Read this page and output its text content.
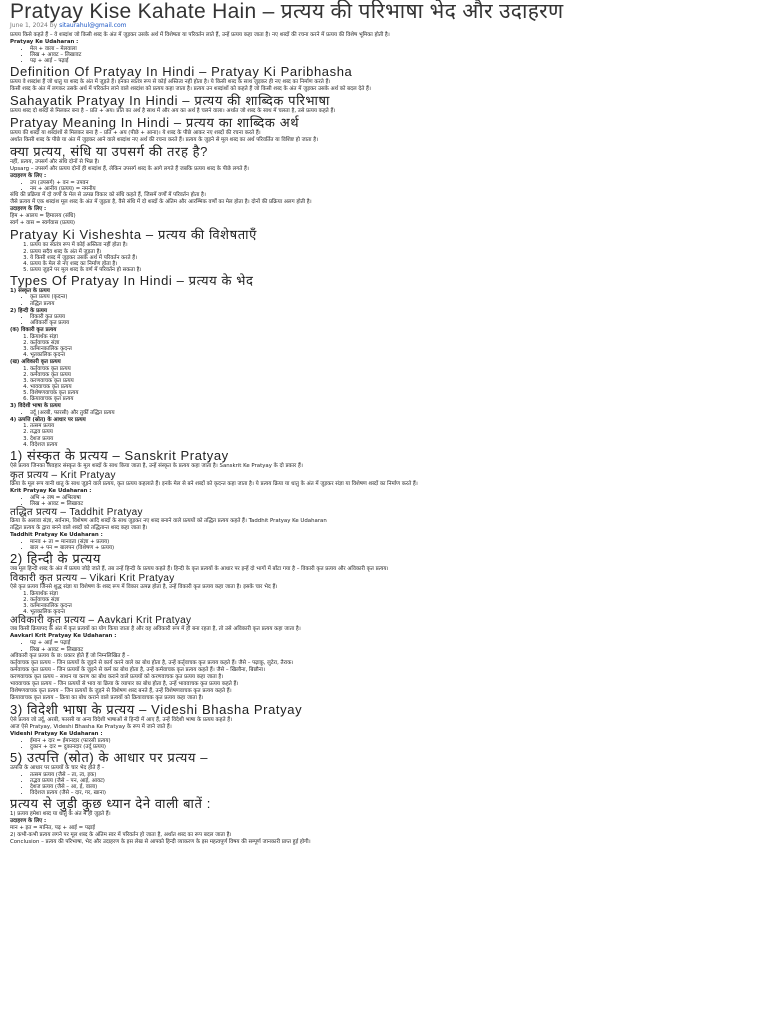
Pratyay Kise Kahate Hain – प्रत्यय की परिभाषा भेद और उदाहरण
June 1, 2024 by sitaurahul@gmail.com

प्रत्यय किसे कहते हैं – वे शब्दांश जो किसी शब्द के अंत में जुड़कर उसके अर्थ में विशेषता या परिवर्तन लाते हैं, उन्हें प्रत्यय कहा जाता है। नए शब्दों की रचना करने में प्रत्यय की विशेष भूमिका होती है।

Pratyay Ke Udaharan :

• मेल + वाला – मेलवाला
• लिख + आवट – लिखावट
• पढ़ + आई – पढ़ाई
Definition Of Pratyay In Hindi – Pratyay Ki Paribhasha

प्रत्यय वे शब्दांश हैं जो धातु या शब्द के अंत में जुड़ते हैं। इनका स्वतंत्र रूप से कोई अस्तित्व नहीं होता है। ये किसी शब्द के साथ जुड़कर ही नए शब्द का निर्माण करते हैं।

किसी शब्द के अंत में लगकर उसके अर्थ में परिवर्तन लाने वाले शब्दांश को प्रत्यय कहा जाता है। प्रत्यय उन शब्दांशों को कहते हैं जो किसी शब्द के अंत में जुड़कर उसके अर्थ को बदल देते हैं।

Sahayatik Pratyay In Hindi – प्रत्यय की शाब्दिक परिभाषा

प्रत्यय शब्द दो शब्दों से मिलकर बना है – प्रति + अय। प्रति का अर्थ है साथ में और अय का अर्थ है चलने वाला। अर्थात जो शब्द के साथ में चलता है, उसे प्रत्यय कहते हैं।

Pratyay Meaning In Hindi – प्रत्यय का शाब्दिक अर्थ

प्रत्यय की शब्दों या शब्दांशों से मिलकर बना है – प्रति + अय (पीछे + आना)। ये शब्द के पीछे आकर नए शब्दों की रचना करते हैं।

अर्थात किसी शब्द के पीछे या अंत में जुड़कर आने वाले शब्दांश नए अर्थ की रचना करते हैं। प्रत्यय के जुड़ने से मूल शब्द का अर्थ परिवर्तित या विशिष्ट हो जाता है।

क्या प्रत्यय, संधि या उपसर्ग की तरह है?

नहीं, प्रत्यय, उपसर्ग और संधि दोनों से भिन्न है।

Upsarg – उपसर्ग और प्रत्यय दोनों ही शब्दांश हैं, लेकिन उपसर्ग शब्द के आगे लगते हैं जबकि प्रत्यय शब्द के पीछे लगते हैं।

उदाहरण के लिए :

• उप (उपसर्ग) + वन = उपवन
• नम + आनीय (प्रत्यय) = नमनीय

संधि की प्रक्रिया में दो वर्णों के मेल से उत्पन्न विकार को संधि कहते हैं, जिसमें वर्णों में परिवर्तन होता है।

जैसे प्रत्यय में एक शब्दांश मूल शब्द के अंत में जुड़ता है, वैसे संधि में दो शब्दों के अंतिम और आरम्भिक वर्णों का मेल होता है। दोनों की प्रक्रिया अलग होती है।

उदाहरण के लिए :

हिम + आलय = हिमालय (संधि)

स्वर्ग + वास = स्वर्गवास (प्रत्यय)

Pratyay Ki Visheshta – प्रत्यय की विशेषताएँ
1. प्रत्यय का स्वतंत्र रूप में कोई अस्तित्व नहीं होता है।
2. प्रत्यय सदैव शब्द के अंत में जुड़ता है।
3. ये किसी शब्द में जुड़कर उसके अर्थ में परिवर्तन करते हैं।
4. प्रत्यय के मेल से नए शब्द का निर्माण होता है।
5. प्रत्यय जुड़ने पर मूल शब्द के वर्ण में परिवर्तन हो सकता है।
Types Of Pratyay In Hindi – प्रत्यय के भेद

1) संस्कृत के प्रत्यय

• कृत प्रत्यय (कृदन्त)
• तद्धित प्रत्यय

2) हिन्दी के प्रत्यय

• विकारी कृत प्रत्यय
• अविकारी कृत प्रत्यय

(क) विकारी कृत प्रत्यय

1. क्रियार्थक संज्ञा
2. कर्तृवाचक संज्ञा
3. वर्तमानकालिक कृदन्त
4. भूतकालिक कृदन्त

(ख) अविकारी कृत प्रत्यय

1. कर्तृवाचक कृत प्रत्यय
2. कर्मवाचक कृत प्रत्यय
3. करणवाचक कृत प्रत्यय
4. भाववाचक कृत प्रत्यय
5. विशेषणवाचक कृत प्रत्यय
6. क्रियावाचक कृत प्रत्यय

3) विदेशी भाषा के प्रत्यय

• उर्दू (अरबी, फारसी) और तुर्की तद्धित प्रत्यय

4) उत्पत्ति (स्रोत) के आधार पर प्रत्यय

1. तत्सम प्रत्यय
2. तद्भव प्रत्यय
3. देशज प्रत्यय
4. विदेशज प्रत्यय
1) संस्कृत के प्रत्यय – Sanskrit Pratyay

ऐसे प्रत्यय जिनका व्यवहार संस्कृत के मूल शब्दों के साथ किया जाता है, उन्हें संस्कृत के प्रत्यय कहा जाता है। Sanskrit Ke Pratyay के दो प्रकार हैं।

कृत प्रत्यय – Krit Pratyay

क्रिया के मूल रूप यानी धातु के साथ जुड़ने वाले प्रत्यय, कृत प्रत्यय कहलाते हैं। इनके मेल से बने शब्दों को कृदन्त कहा जाता है। ये प्रत्यय क्रिया या धातु के अंत में जुड़कर संज्ञा या विशेषण शब्दों का निर्माण करते हैं।

Krit Pratyay Ke Udaharan :

• अभि + लष = अभिलाषा
• लिख + आवट = लिखावट
तद्धित प्रत्यय – Taddhit Pratyay

क्रिया के अलावा संज्ञा, सर्वनाम, विशेषण आदि शब्दों के साथ जुड़कर नए शब्द बनाने वाले प्रत्ययों को तद्धित प्रत्यय कहते हैं। Taddhit Pratyay Ke Udaharan

तद्धित प्रत्यय के द्वारा बनने वाले शब्दों को तद्धितान्त शब्द कहा जाता है।

Taddhit Pratyay Ke Udaharan :

• मानव + ता = मानवता (संज्ञा + प्रत्यय)
• बाल + पन = बालपन (विशेषण + प्रत्यय)
2) हिन्दी के प्रत्यय

जब मूल हिन्दी शब्द के अंत में प्रत्यय जोड़े जाते हैं, तब उन्हें हिन्दी के प्रत्यय कहते हैं। हिन्दी के कृत प्रत्ययों के आधार पर इन्हें दो भागों में बाँटा गया है – विकारी कृत प्रत्यय और अविकारी कृत प्रत्यय।

विकारी कृत प्रत्यय – Vikari Krit Pratyay

ऐसे कृत प्रत्यय जिनसे शुद्ध संज्ञा या विशेषण के शब्द रूप में विकार उत्पन्न होता है, उन्हें विकारी कृत प्रत्यय कहा जाता है। इसके चार भेद हैं।

1. क्रियार्थक संज्ञा
2. कर्तृवाचक संज्ञा
3. वर्तमानकालिक कृदन्त
4. भूतकालिक कृदन्त
अविकारी कृत प्रत्यय – Aavkari Krit Pratyay

जब किसी क्रियापद के अंत में कृत प्रत्ययों का योग किया जाता है और वह अविकारी रूप में ही बना रहता है, तो उसे अविकारी कृत प्रत्यय कहा जाता है।

Aavkari Krit Pratyay Ke Udaharan :

• पढ़ + आई = पढ़ाई
• लिख + आवट = लिखावट

अविकारी कृत प्रत्यय के छ: प्रकार होते हैं जो निम्नलिखित हैं –

कर्तृवाचक कृत प्रत्यय – जिन प्रत्ययों के जुड़ने से कार्य करने वाले का बोध होता है, उन्हें कर्तृवाचक कृत प्रत्यय कहते हैं। जैसे – पढ़ाकू, लुटेरा, तैराक।

कर्मवाचक कृत प्रत्यय – जिन प्रत्ययों के जुड़ने से कर्म का बोध होता है, उन्हें कर्मवाचक कृत प्रत्यय कहते हैं। जैसे – खिलौना, बिछौना।

करणवाचक कृत प्रत्यय – साधन या करण का बोध कराने वाले प्रत्ययों को करणवाचक कृत प्रत्यय कहा जाता है।

भाववाचक कृत प्रत्यय – जिन प्रत्ययों से भाव या क्रिया के व्यापार का बोध होता है, उन्हें भाववाचक कृत प्रत्यय कहते हैं।

विशेषणवाचक कृत प्रत्यय – जिन प्रत्ययों के जुड़ने से विशेषण शब्द बनते हैं, उन्हें विशेषणवाचक कृत प्रत्यय कहते हैं।

क्रियावाचक कृत प्रत्यय – क्रिया का बोध कराने वाले प्रत्ययों को क्रियावाचक कृत प्रत्यय कहा जाता है।

3) विदेशी भाषा के प्रत्यय – Videshi Bhasha Pratyay

ऐसे प्रत्यय जो उर्दू, अरबी, फारसी या अन्य विदेशी भाषाओं से हिन्दी में आए हैं, उन्हें विदेशी भाषा के प्रत्यय कहते हैं।

आज ऐसे Pratyay, Videshi Bhasha Ke Pratyay के रूप में जाने जाते हैं।

Videshi Pratyay Ke Udaharan :

• ईमान + दार = ईमानदार (फारसी प्रत्यय)
• दुकान + दार = दुकानदार (उर्दू प्रत्यय)
5) उत्पत्ति (स्रोत) के आधार पर प्रत्यय –

उत्पत्ति के आधार पर प्रत्ययों के चार भेद होते हैं –

• तत्सम प्रत्यय (जैसे – ता, त्व, इक)
• तद्भव प्रत्यय (जैसे – पन, आई, आवट)
• देशज प्रत्यय (जैसे – आ, ई, वाला)
• विदेशज प्रत्यय (जैसे – दार, गर, खाना)
प्रत्यय से जुड़ी कुछ ध्यान देने वाली बातें :

1) प्रत्यय हमेशा शब्द या धातु के अंत में ही जुड़ते हैं।

उदाहरण के लिए :

मान + इत = मानित, पढ़ + आई = पढ़ाई

2) कभी-कभी प्रत्यय लगने पर मूल शब्द के अंतिम स्वर में परिवर्तन हो जाता है, अर्थात शब्द का रूप बदल जाता है।

Conclusion – प्रत्यय की परिभाषा, भेद और उदाहरण के इस लेख से आपको हिन्दी व्याकरण के इस महत्वपूर्ण विषय की सम्पूर्ण जानकारी प्राप्त हुई होगी।
